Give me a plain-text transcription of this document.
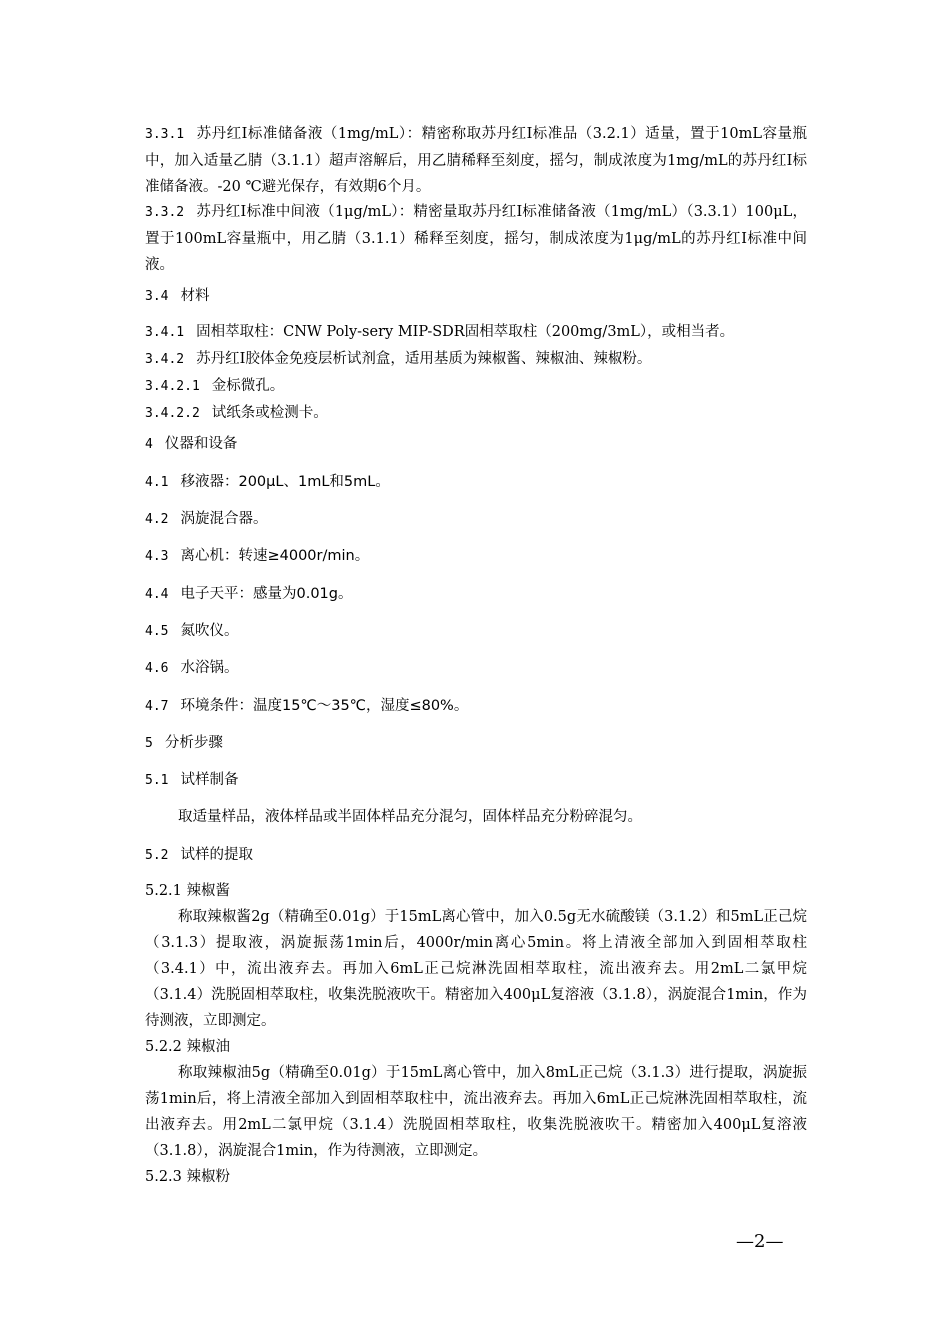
3.3.1 苏丹红Ⅰ标准储备液（1mg/mL）：精密称取苏丹红Ⅰ标准品（3.2.1）适量，置于10mL容量瓶中，加入适量乙腈（3.1.1）超声溶解后，用乙腈稀释至刻度，摇匀，制成浓度为1mg/mL的苏丹红Ⅰ标准储备液。-20 ℃避光保存，有效期6个月。

3.3.2 苏丹红Ⅰ标准中间液（1μg/mL）：精密量取苏丹红Ⅰ标准储备液（1mg/mL）（3.3.1）100μL，置于100mL容量瓶中，用乙腈（3.1.1）稀释至刻度，摇匀，制成浓度为1μg/mL的苏丹红Ⅰ标准中间液。

3.4 材料

3.4.1 固相萃取柱：CNW Poly-sery MIP-SDR固相萃取柱（200mg/3mL），或相当者。

3.4.2 苏丹红Ⅰ胶体金免疫层析试剂盒，适用基质为辣椒酱、辣椒油、辣椒粉。

3.4.2.1 金标微孔。

3.4.2.2 试纸条或检测卡。

4 仪器和设备

4.1 移液器：200μL、1mL和5mL。

4.2 涡旋混合器。

4.3 离心机：转速≥4000r/min。

4.4 电子天平：感量为0.01g。

4.5 氮吹仪。

4.6 水浴锅。

4.7 环境条件：温度15℃～35℃，湿度≤80%。

5 分析步骤

5.1 试样制备

取适量样品，液体样品或半固体样品充分混匀，固体样品充分粉碎混匀。

5.2 试样的提取

5.2.1 辣椒酱

称取辣椒酱2g（精确至0.01g）于15mL离心管中，加入0.5g无水硫酸镁（3.1.2）和5mL正己烷（3.1.3）提取液，涡旋振荡1min后，4000r/min离心5min。将上清液全部加入到固相萃取柱（3.4.1）中，流出液弃去。再加入6mL正己烷淋洗固相萃取柱，流出液弃去。用2mL二氯甲烷（3.1.4）洗脱固相萃取柱，收集洗脱液吹干。精密加入400μL复溶液（3.1.8），涡旋混合1min，作为待测液，立即测定。

5.2.2 辣椒油

称取辣椒油5g（精确至0.01g）于15mL离心管中，加入8mL正己烷（3.1.3）进行提取，涡旋振荡1min后，将上清液全部加入到固相萃取柱中，流出液弃去。再加入6mL正己烷淋洗固相萃取柱，流出液弃去。用2mL二氯甲烷（3.1.4）洗脱固相萃取柱，收集洗脱液吹干。精密加入400μL复溶液（3.1.8），涡旋混合1min，作为待测液，立即测定。

5.2.3 辣椒粉

—2—
